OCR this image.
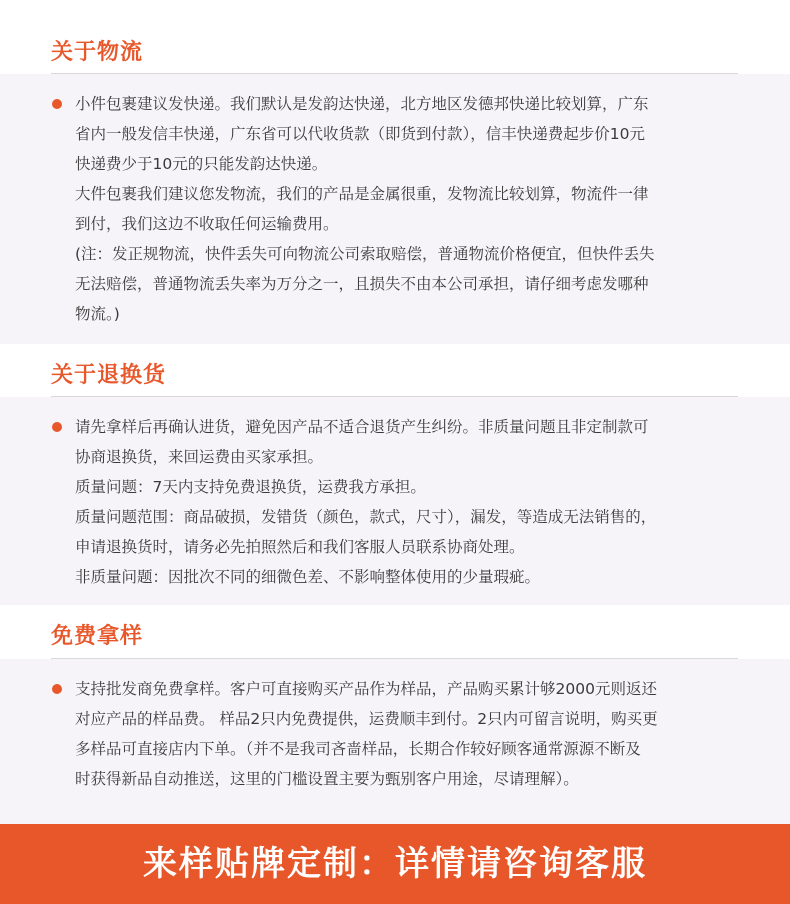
关于物流

小件包裹建议发快递。我们默认是发韵达快递，北方地区发德邦快递比较划算，广东
省内一般发信丰快递，广东省可以代收货款（即货到付款），信丰快递费起步价10元
快递费少于10元的只能发韵达快递。
大件包裹我们建议您发物流，我们的产品是金属很重，发物流比较划算，物流件一律
到付，我们这边不收取任何运输费用。
(注：发正规物流，快件丢失可向物流公司索取赔偿，普通物流价格便宜，但快件丢失
无法赔偿，普通物流丢失率为万分之一，且损失不由本公司承担，请仔细考虑发哪种
物流。)

关于退换货

请先拿样后再确认进货，避免因产品不适合退货产生纠纷。非质量问题且非定制款可
协商退换货，来回运费由买家承担。
质量问题：7天内支持免费退换货，运费我方承担。
质量问题范围：商品破损，发错货（颜色，款式，尺寸），漏发，等造成无法销售的，
申请退换货时，请务必先拍照然后和我们客服人员联系协商处理。
非质量问题：因批次不同的细微色差、不影响整体使用的少量瑕疵。

免费拿样

支持批发商免费拿样。客户可直接购买产品作为样品，产品购买累计够2000元则返还
对应产品的样品费。 样品2只内免费提供，运费顺丰到付。2只内可留言说明，购买更
多样品可直接店内下单。（并不是我司吝啬样品，长期合作较好顾客通常源源不断及
时获得新品自动推送，这里的门槛设置主要为甄别客户用途，尽请理解）。

来样贴牌定制：详情请咨询客服
